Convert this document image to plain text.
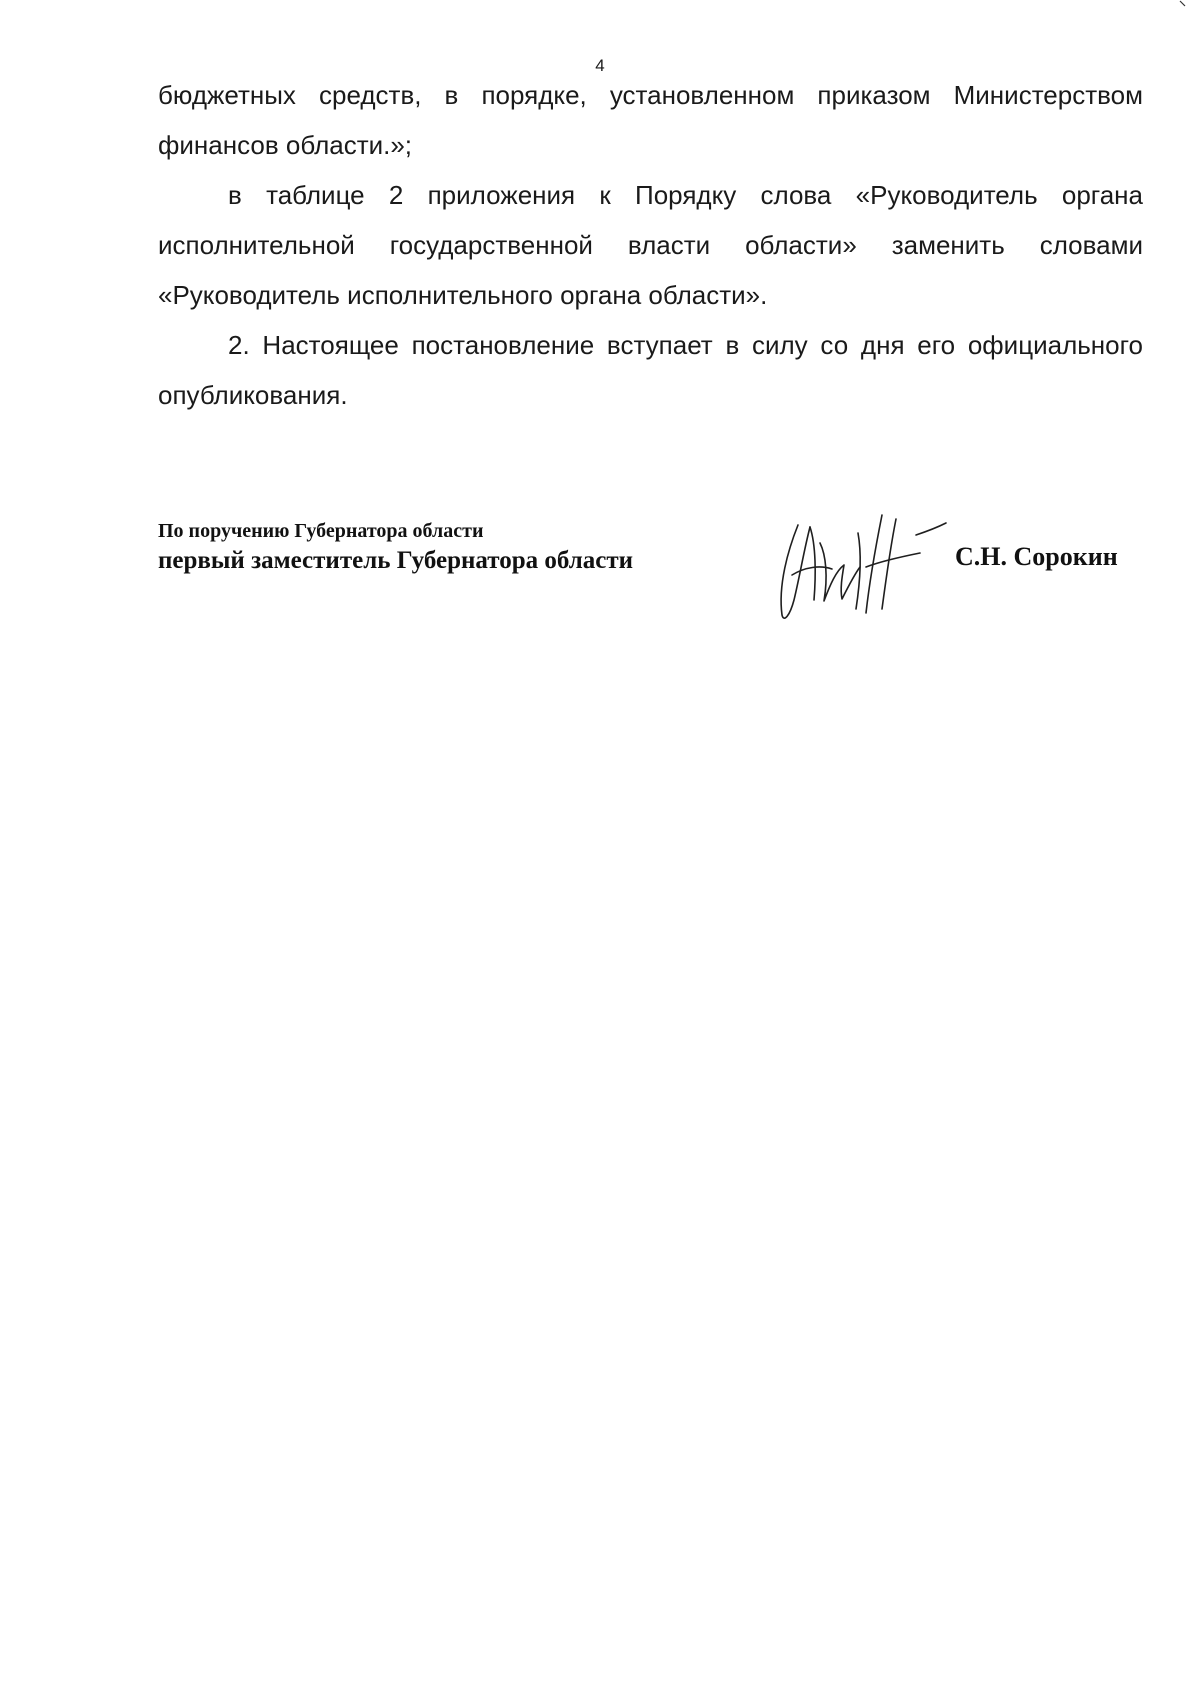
4

бюджетных средств, в порядке, установленном приказом Министерством финансов области.»;

в таблице 2 приложения к Порядку слова «Руководитель органа исполнительной государственной власти области» заменить словами «Руководитель исполнительного органа области».

2. Настоящее постановление вступает в силу со дня его официального опубликования.

По поручению Губернатора области
первый заместитель Губернатора области	С.Н. Сорокин
